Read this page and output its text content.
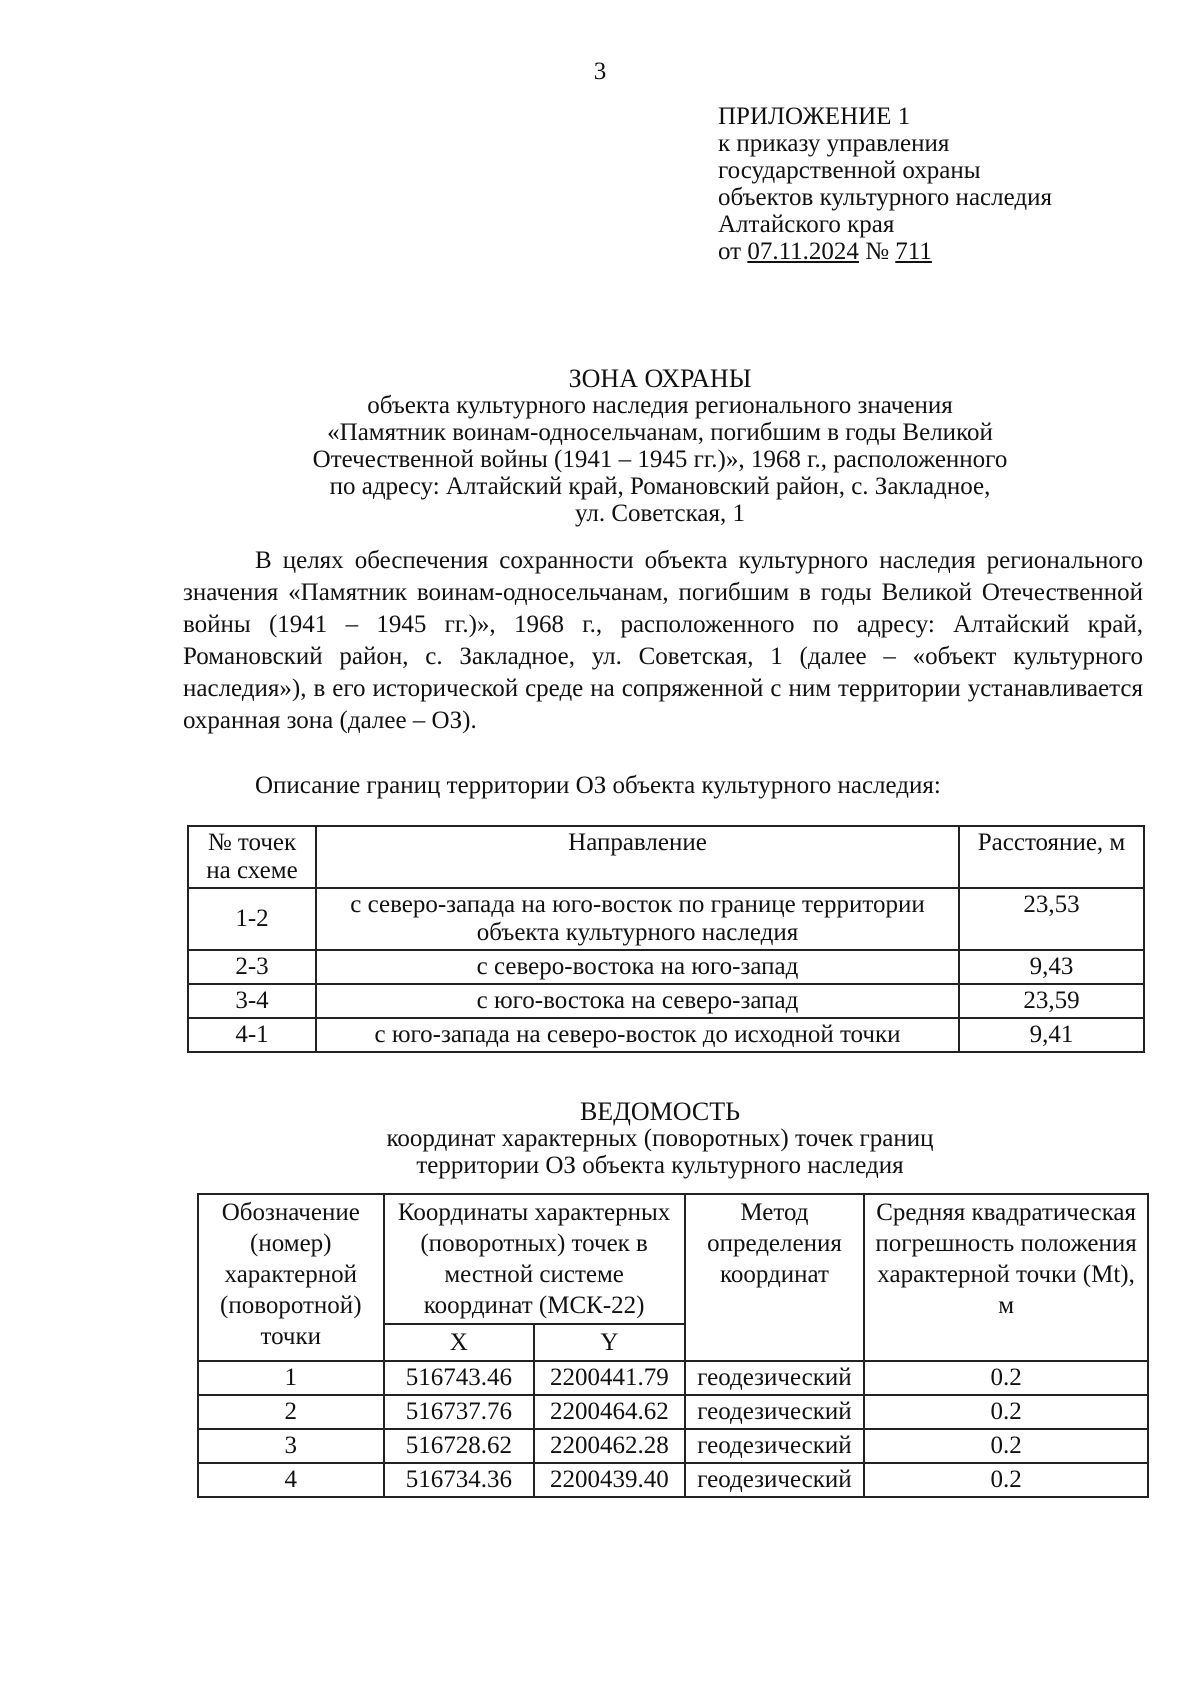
3
ПРИЛОЖЕНИЕ 1
к приказу управления
государственной охраны
объектов культурного наследия
Алтайского края
от 07.11.2024 № 711
ЗОНА ОХРАНЫ
объекта культурного наследия регионального значения
«Памятник воинам-односельчанам, погибшим в годы Великой
Отечественной войны (1941 – 1945 гг.)», 1968 г., расположенного
по адресу: Алтайский край, Романовский район, с. Закладное,
ул. Советская, 1

В целях обеспечения сохранности объекта культурного наследия регионального значения «Памятник воинам-односельчанам, погибшим в годы Великой Отечественной войны (1941 – 1945 гг.)», 1968 г., расположенного по адресу: Алтайский край, Романовский район, с. Закладное, ул. Советская, 1 (далее – «объект культурного наследия»), в его исторической среде на сопряженной с ним территории устанавливается охранная зона (далее – ОЗ).

Описание границ территории ОЗ объекта культурного наследия:
№ точек на схеме	Направление	Расстояние, м
1-2	с северо-запада на юго-восток по границе территории объекта культурного наследия	23,53
2-3	с северо-востока на юго-запад	9,43
3-4	с юго-востока на северо-запад	23,59
4-1	с юго-запада на северо-восток до исходной точки	9,41
ВЕДОМОСТЬ
координат характерных (поворотных) точек границ
территории ОЗ объекта культурного наследия
Обозначение (номер) характерной (поворотной) точки	Координаты характерных (поворотных) точек в местной системе координат (МСК-22)		Метод определения координат	Средняя квадратическая погрешность положения характерной точки (Mt), м
	X	Y		
1	516743.46	2200441.79	геодезический	0.2
2	516737.76	2200464.62	геодезический	0.2
3	516728.62	2200462.28	геодезический	0.2
4	516734.36	2200439.40	геодезический	0.2
